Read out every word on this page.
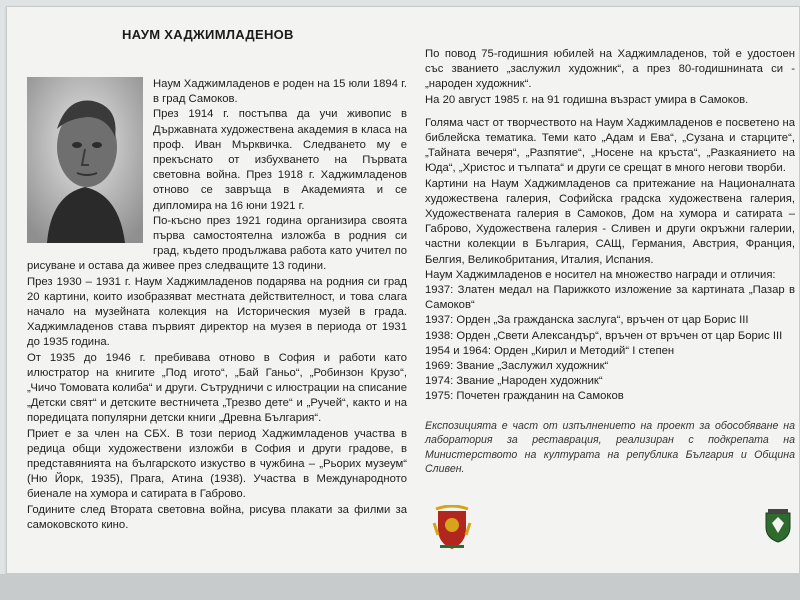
НАУМ ХАДЖИМЛАДЕНОВ

Наум Хаджимладенов е роден на 15 юли 1894 г. в град Самоков.

През 1914 г. постъпва да учи живопис в Държавната художествена академия в класа на проф. Иван Мърквичка. Следването му е прекъснато от избухването на Първата световна война. През 1918 г. Хаджимладенов отново се завръща в Академията и се дипломира на 16 юни 1921 г.

По-късно през 1921 година организира своята първа самостоятелна изложба в родния си град, където продължава работа като учител по рисуване и остава да живее през следващите 13 години.

През 1930 – 1931 г. Наум Хаджимладенов подарява на родния си град 20 картини, които изобразяват местната действителност, и това слага начало на музейната колекция на Историческия музей в града. Хаджимладенов става първият директор на музея в периода от 1931 до 1935 година.

От 1935 до 1946 г. пребивава отново в София и работи като илюстратор на книгите „Под игото“, „Бай Ганьо“, „Робинзон Крузо“, „Чичо Томовата колиба“ и други. Сътрудничи с илюстрации на списание „Детски свят“ и детските вестничета „Трезво дете“ и „Ручей“, както и на поредицата популярни детски книги „Древна България“.

Приет е за член на СБХ. В този период Хаджимладенов участва в редица общи художествени изложби в София и други градове, в представянията на българското изкуство в чужбина – „Рьорих музеум“ (Ню Йорк, 1935), Прага, Атина (1938). Участва в Международното биенале на хумора и сатирата в Габрово.

Годините след Втората световна война, рисува плакати за филми за самоковското кино.

По повод 75-годишния юбилей на Хаджимладенов, той е удостоен със званието „заслужил художник“, а през 80-годишнината си - „народен художник“.

На 20 август 1985 г. на 91 годишна възраст умира в Самоков.

Голяма част от творчеството на Наум Хаджимладенов е посветено на библейска тематика. Теми като „Адам и Ева“, „Сузана и старците“, „Тайната вечеря“, „Разпятие“, „Носене на кръста“, „Разкаянието на Юда“, „Христос и тълпата“ и други се срещат в много негови творби.

Картини на Наум Хаджимладенов са притежание на Националната художествена галерия, Софийска градска художествена галерия, Художествената галерия в Самоков, Дом на хумора и сатирата – Габрово, Художествена галерия - Сливен и други окръжни галерии, частни колекции в България, САЩ, Германия, Австрия, Франция, Белгия, Великобритания, Италия, Испания.

Наум Хаджимладенов е носител на множество награди и отличия:

1937: Златен медал на Парижкото изложение за картината „Пазар в Самоков“

1937: Орден „За гражданска заслуга“, връчен от цар Борис III

1938: Орден „Свети Александър“, връчен от връчен от цар Борис III

1954 и 1964: Орден „Кирил и Методий“ I степен

1969: Звание „Заслужил художник“

1974: Звание „Народен художник“

1975: Почетен гражданин на Самоков

Експозицията е част от изпълнението на проект за обособяване на лаборатория за реставрация, реализиран с подкрепата на Министерството на културата на република България и Община Сливен.
